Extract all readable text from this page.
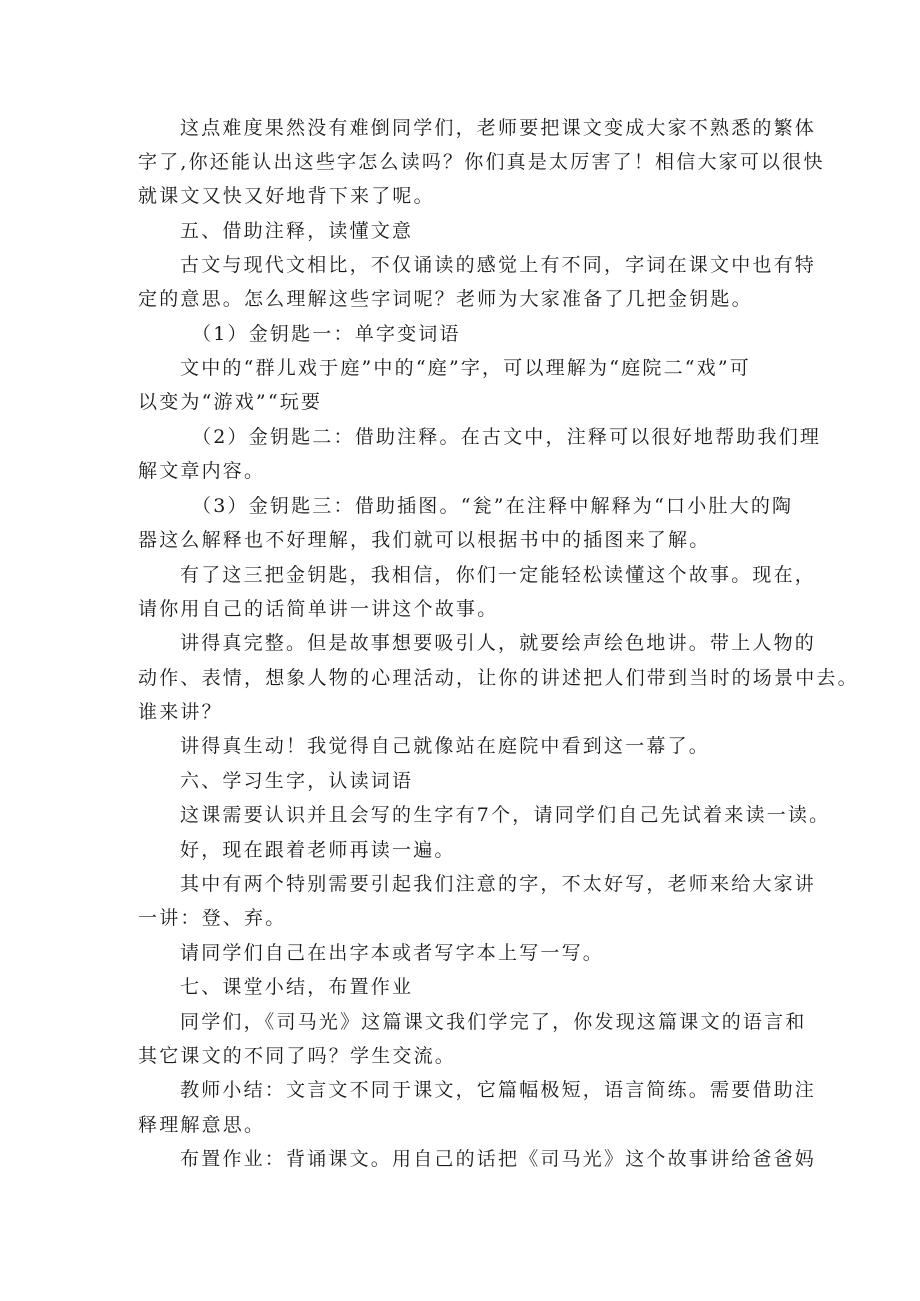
这点难度果然没有难倒同学们，老师要把课文变成大家不熟悉的繁体
字了,你还能认出这些字怎么读吗？你们真是太厉害了！相信大家可以很快
就课文又快又好地背下来了呢。
五、借助注释，读懂文意
古文与现代文相比，不仅诵读的感觉上有不同，字词在课文中也有特
定的意思。怎么理解这些字词呢？老师为大家准备了几把金钥匙。
（1）金钥匙一：单字变词语
文中的“群儿戏于庭”中的“庭”字，可以理解为“庭院二“戏”可
以变为“游戏”“玩要
（2）金钥匙二：借助注释。在古文中，注释可以很好地帮助我们理
解文章内容。
（3）金钥匙三：借助插图。“瓮”在注释中解释为“口小肚大的陶
器这么解释也不好理解，我们就可以根据书中的插图来了解。
有了这三把金钥匙，我相信，你们一定能轻松读懂这个故事。现在，
请你用自己的话简单讲一讲这个故事。
讲得真完整。但是故事想要吸引人，就要绘声绘色地讲。带上人物的
动作、表情，想象人物的心理活动，让你的讲述把人们带到当时的场景中去。
谁来讲？
讲得真生动！我觉得自己就像站在庭院中看到这一幕了。
六、学习生字，认读词语
这课需要认识并且会写的生字有7个，请同学们自己先试着来读一读。
好，现在跟着老师再读一遍。
其中有两个特别需要引起我们注意的字，不太好写，老师来给大家讲
一讲：登、弃。
请同学们自己在出字本或者写字本上写一写。
七、课堂小结，布置作业
同学们，《司马光》这篇课文我们学完了，你发现这篇课文的语言和
其它课文的不同了吗？学生交流。
教师小结：文言文不同于课文，它篇幅极短，语言简练。需要借助注
释理解意思。
布置作业：背诵课文。用自己的话把《司马光》这个故事讲给爸爸妈
